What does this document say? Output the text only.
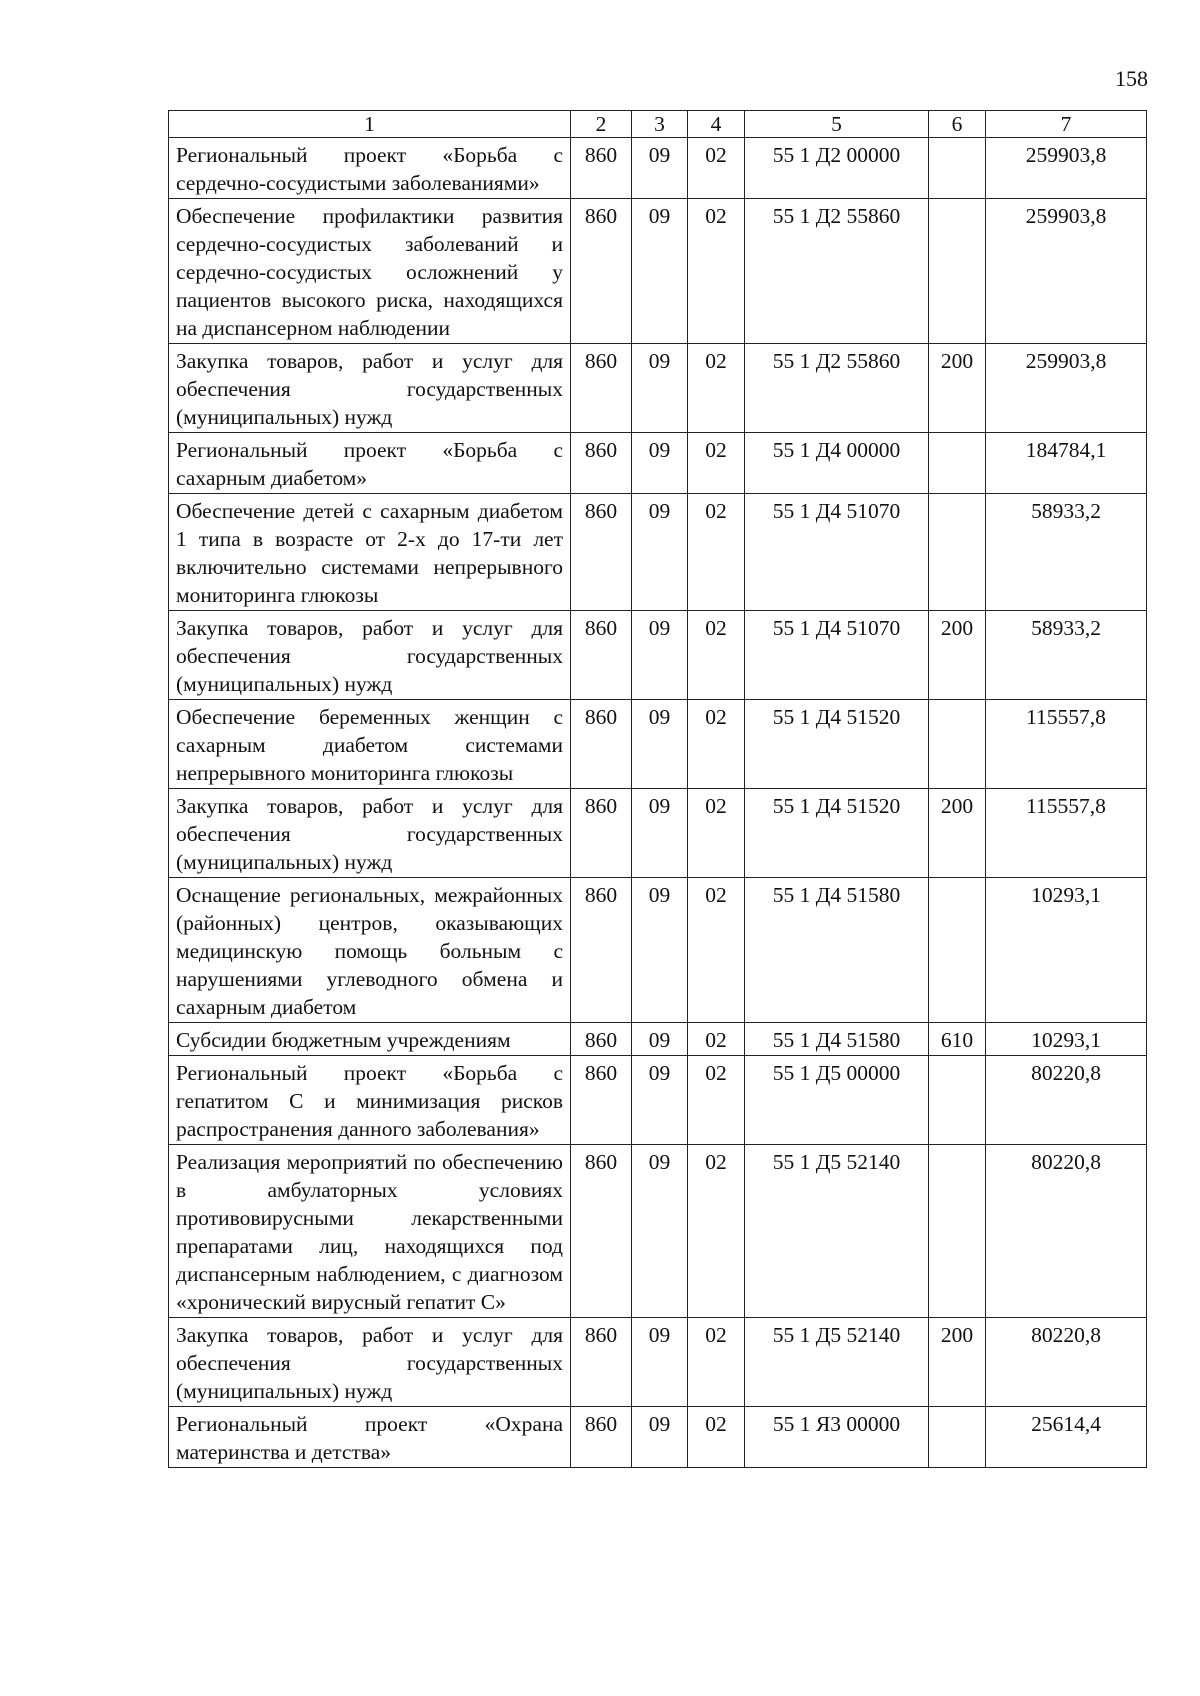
158
1	2	3	4	5	6	7
Региональный проект «Борьба с сердечно-сосудистыми заболеваниями»	860	09	02	55 1 Д2 00000		259903,8
Обеспечение профилактики развития сердечно-сосудистых заболеваний и сердечно-сосудистых осложнений у пациентов высокого риска, находящихся на диспансерном наблюдении	860	09	02	55 1 Д2 55860		259903,8
Закупка товаров, работ и услуг для обеспечения государственных (муниципальных) нужд	860	09	02	55 1 Д2 55860	200	259903,8
Региональный проект «Борьба с сахарным диабетом»	860	09	02	55 1 Д4 00000		184784,1
Обеспечение детей с сахарным диабетом 1 типа в возрасте от 2-х до 17-ти лет включительно системами непрерывного мониторинга глюкозы	860	09	02	55 1 Д4 51070		58933,2
Закупка товаров, работ и услуг для обеспечения государственных (муниципальных) нужд	860	09	02	55 1 Д4 51070	200	58933,2
Обеспечение беременных женщин с сахарным диабетом системами непрерывного мониторинга глюкозы	860	09	02	55 1 Д4 51520		115557,8
Закупка товаров, работ и услуг для обеспечения государственных (муниципальных) нужд	860	09	02	55 1 Д4 51520	200	115557,8
Оснащение региональных, межрайонных (районных) центров, оказывающих медицинскую помощь больным с нарушениями углеводного обмена и сахарным диабетом	860	09	02	55 1 Д4 51580		10293,1
Субсидии бюджетным учреждениям	860	09	02	55 1 Д4 51580	610	10293,1
Региональный проект «Борьба с гепатитом С и минимизация рисков распространения данного заболевания»	860	09	02	55 1 Д5 00000		80220,8
Реализация мероприятий по обеспечению в амбулаторных условиях противовирусными лекарственными препаратами лиц, находящихся под диспансерным наблюдением, с диагнозом «хронический вирусный гепатит С»	860	09	02	55 1 Д5 52140		80220,8
Закупка товаров, работ и услуг для обеспечения государственных (муниципальных) нужд	860	09	02	55 1 Д5 52140	200	80220,8
Региональный проект «Охрана материнства и детства»	860	09	02	55 1 Я3 00000		25614,4
